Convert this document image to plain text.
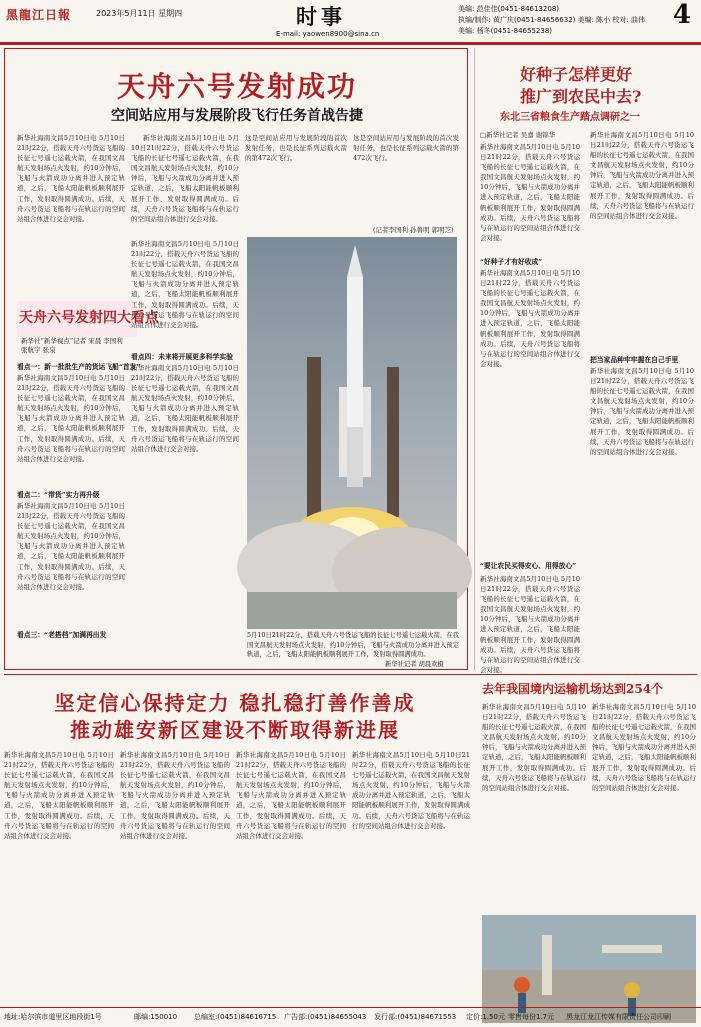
黑龍江日報	2023年5月11日 星期四	时事
E-mail: yaowen8900@sina.cn
美编: 范佳佳(0451-84613208)
执编/制作: 黄广庆(0451-84656632) 美编: 陈小 校对: 曲伟
美编: 杨冬(0451-84655238)
4
天舟六号发射成功
空间站应用与发展阶段飞行任务首战告捷
新华社海南文昌5月10日电 5月10日21时22分，搭载天舟六号货运飞船的长征七号遥七运载火箭，在我国文昌航天发射场点火发射，约10分钟后，飞船与火箭成功分离并进入预定轨道，之后，飞船太阳能帆板顺利展开工作，发射取得圆满成功。后续，天舟六号货运飞船将与在轨运行的空间站组合体进行交会对接。
新华社海南文昌5月10日电 5月10日21时22分，搭载天舟六号货运飞船的长征七号遥七运载火箭，在我国文昌航天发射场点火发射，约10分钟后，飞船与火箭成功分离并进入预定轨道，之后，飞船太阳能帆板顺利展开工作，发射取得圆满成功。后续，天舟六号货运飞船将与在轨运行的空间站组合体进行交会对接。
这是空间站应用与发展阶段的首次发射任务，也是长征系列运载火箭的第472次飞行。
这是空间站应用与发展阶段的首次发射任务，也是长征系列运载火箭的第472次飞行。
(记者李国利 孙鲁明 郭明芝)
天舟六号发射四大看点
新华社“新华视点”记者 宋晨 李国利 张航宇 张泉
看点一：新一批批生产的货运飞船“首发”
新华社海南文昌5月10日电 5月10日21时22分，搭载天舟六号货运飞船的长征七号遥七运载火箭，在我国文昌航天发射场点火发射，约10分钟后，飞船与火箭成功分离并进入预定轨道，之后，飞船太阳能帆板顺利展开工作，发射取得圆满成功。后续，天舟六号货运飞船将与在轨运行的空间站组合体进行交会对接。
看点二：“带货”实力再升级
新华社海南文昌5月10日电 5月10日21时22分，搭载天舟六号货运飞船的长征七号遥七运载火箭，在我国文昌航天发射场点火发射，约10分钟后，飞船与火箭成功分离并进入预定轨道，之后，飞船太阳能帆板顺利展开工作，发射取得圆满成功。后续，天舟六号货运飞船将与在轨运行的空间站组合体进行交会对接。
看点三：“老搭档”加满再出发
新华社海南文昌5月10日电 5月10日21时22分，搭载天舟六号货运飞船的长征七号遥七运载火箭，在我国文昌航天发射场点火发射，约10分钟后，飞船与火箭成功分离并进入预定轨道，之后，飞船太阳能帆板顺利展开工作，发射取得圆满成功。后续，天舟六号货运飞船将与在轨运行的空间站组合体进行交会对接。
看点四：未来将开展更多科学实验
新华社海南文昌5月10日电 5月10日21时22分，搭载天舟六号货运飞船的长征七号遥七运载火箭，在我国文昌航天发射场点火发射，约10分钟后，飞船与火箭成功分离并进入预定轨道，之后，飞船太阳能帆板顺利展开工作，发射取得圆满成功。后续，天舟六号货运飞船将与在轨运行的空间站组合体进行交会对接。
5月10日21时22分，搭载天舟六号货运飞船的长征七号遥七运载火箭，在我国文昌航天发射场点火发射，约10分钟后，飞船与火箭成功分离并进入预定轨道，之后，飞船太阳能帆板顺利展开工作，发射取得圆满成功。
新华社记者 胡晨欢摄
好种子怎样更好
推广到农民中去?
东北三省粮食生产踏点调研之一
□新华社记者 吴嘉 谢锦华
新华社海南文昌5月10日电 5月10日21时22分，搭载天舟六号货运飞船的长征七号遥七运载火箭，在我国文昌航天发射场点火发射，约10分钟后，飞船与火箭成功分离并进入预定轨道，之后，飞船太阳能帆板顺利展开工作，发射取得圆满成功。后续，天舟六号货运飞船将与在轨运行的空间站组合体进行交会对接。
“好种子才有好收成”
新华社海南文昌5月10日电 5月10日21时22分，搭载天舟六号货运飞船的长征七号遥七运载火箭，在我国文昌航天发射场点火发射，约10分钟后，飞船与火箭成功分离并进入预定轨道，之后，飞船太阳能帆板顺利展开工作，发射取得圆满成功。后续，天舟六号货运飞船将与在轨运行的空间站组合体进行交会对接。
“要让农民买得安心、用得放心”
新华社海南文昌5月10日电 5月10日21时22分，搭载天舟六号货运飞船的长征七号遥七运载火箭，在我国文昌航天发射场点火发射，约10分钟后，飞船与火箭成功分离并进入预定轨道，之后，飞船太阳能帆板顺利展开工作，发射取得圆满成功。后续，天舟六号货运飞船将与在轨运行的空间站组合体进行交会对接。
新华社海南文昌5月10日电 5月10日21时22分，搭载天舟六号货运飞船的长征七号遥七运载火箭，在我国文昌航天发射场点火发射，约10分钟后，飞船与火箭成功分离并进入预定轨道，之后，飞船太阳能帆板顺利展开工作，发射取得圆满成功。后续，天舟六号货运飞船将与在轨运行的空间站组合体进行交会对接。
把当家品种牢牢握在自己手里
新华社海南文昌5月10日电 5月10日21时22分，搭载天舟六号货运飞船的长征七号遥七运载火箭，在我国文昌航天发射场点火发射，约10分钟后，飞船与火箭成功分离并进入预定轨道，之后，飞船太阳能帆板顺利展开工作，发射取得圆满成功。后续，天舟六号货运飞船将与在轨运行的空间站组合体进行交会对接。
坚定信心保持定力 稳扎稳打善作善成
推动雄安新区建设不断取得新进展
新华社海南文昌5月10日电 5月10日21时22分，搭载天舟六号货运飞船的长征七号遥七运载火箭，在我国文昌航天发射场点火发射，约10分钟后，飞船与火箭成功分离并进入预定轨道，之后，飞船太阳能帆板顺利展开工作，发射取得圆满成功。后续，天舟六号货运飞船将与在轨运行的空间站组合体进行交会对接。
新华社海南文昌5月10日电 5月10日21时22分，搭载天舟六号货运飞船的长征七号遥七运载火箭，在我国文昌航天发射场点火发射，约10分钟后，飞船与火箭成功分离并进入预定轨道，之后，飞船太阳能帆板顺利展开工作，发射取得圆满成功。后续，天舟六号货运飞船将与在轨运行的空间站组合体进行交会对接。
新华社海南文昌5月10日电 5月10日21时22分，搭载天舟六号货运飞船的长征七号遥七运载火箭，在我国文昌航天发射场点火发射，约10分钟后，飞船与火箭成功分离并进入预定轨道，之后，飞船太阳能帆板顺利展开工作，发射取得圆满成功。后续，天舟六号货运飞船将与在轨运行的空间站组合体进行交会对接。
新华社海南文昌5月10日电 5月10日21时22分，搭载天舟六号货运飞船的长征七号遥七运载火箭，在我国文昌航天发射场点火发射，约10分钟后，飞船与火箭成功分离并进入预定轨道，之后，飞船太阳能帆板顺利展开工作，发射取得圆满成功。后续，天舟六号货运飞船将与在轨运行的空间站组合体进行交会对接。
去年我国境内运输机场达到254个
新华社海南文昌5月10日电 5月10日21时22分，搭载天舟六号货运飞船的长征七号遥七运载火箭，在我国文昌航天发射场点火发射，约10分钟后，飞船与火箭成功分离并进入预定轨道，之后，飞船太阳能帆板顺利展开工作，发射取得圆满成功。后续，天舟六号货运飞船将与在轨运行的空间站组合体进行交会对接。
新华社海南文昌5月10日电 5月10日21时22分，搭载天舟六号货运飞船的长征七号遥七运载火箭，在我国文昌航天发射场点火发射，约10分钟后，飞船与火箭成功分离并进入预定轨道，之后，飞船太阳能帆板顺利展开工作，发射取得圆满成功。后续，天舟六号货运飞船将与在轨运行的空间站组合体进行交会对接。
地址:哈尔滨市道里区地段街1号	邮编:150010 总编室:(0451)84616715 广告部:(0451)84655043 发行部:(0451)84671553 定价:1.50元 零售每份1.7元 黑龙江龙江传媒有限责任公司印刷
